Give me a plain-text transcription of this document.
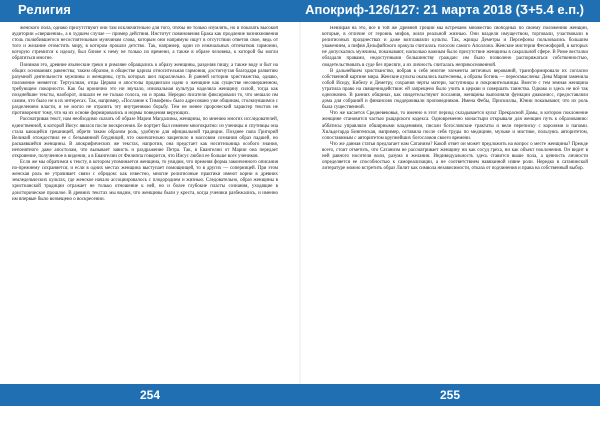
Религия	Апокриф-126/127: 21 марта 2018 (Ӡ+5.4 е.п.)

женского пола, однако присутствуют они там исключительно для того, чтобы не только изумлять, но и показать высокой аудитории «свершения», а в худшем случае — пример действия. Институт повиновения Брака как продление возникновения столь полюбившегося несостоятельным мужчинам слова, которым они напрямую ищут в отсутствии ответов свое, ведь от того и желание отомстить миру, в котором прошли детство. Так, например, один из изначальных отпечатков гармонии, которую стремится к идеалу, был ближе к нему не только по времени, а также в образе человека, к которой бы могли обратиться многие.

Понимая это, древние языческие греки и римляне обращались к образу женщины, разделяя пищу, а также воду и быт на общих основаниях равенства; таким образом, в обществе царила относительная гармония, достигнутая благодаря развитию разумной деятельности мужчины и женщины, путь которых шел параллельно. В ранней истории христианства, однако, положение меняется: Тертуллиан, отцы Церкви и апостолы продвигали идею о женщине как существе несовершенном, требующем покорности. Как бы иронично это ни звучало, изначальная культура наделяла женщину силой, тогда как позднейшие тексты, наоборот, лишали ее не только голоса, но и права. Нередко писатели фиксировали то, что мешало им самим, что было не в их интересах. Так, например, «Послание к Тимофею» было адресовано уже общинам, столкнувшимся с разделением власти, и не могло не отразить эту внутреннюю борьбу. Тем не менее пророческий характер текстов не противоречит тому, что на их основе формировались и нормы поведения верующих.

Рассматривая текст, нам необходимо сказать об образе Марии Магдалины, женщины, по мнению многих исследователей, единственной, к которой Иисус явился после воскресения. Ее портрет был изменен многократно: из ученицы и спутницы она стала кающейся грешницей, обретя таким образом роль, удобную для официальной традиции. Позднее папа Григорий Великий отождествил ее с безымянной блудницей, что окончательно закрепило в массовом сознании образ падшей, но раскаявшейся женщины. В апокрифических же текстах, напротив, она предстает как носительница особого знания, непонятного даже апостолам, что вызывает зависть и раздражение Петра. Так, в Евангелии от Марии она передает откровение, полученное в видении, а в Евангелии от Филиппа говорится, что Иисус любил ее больше всех учеников.

Если же мы обратимся к тексту, в котором упоминается женщина, то увидим, что прежняя форма законченного описания по-прежнему сохраняется; и если в одних местах женщина выступает помощницей, то в других — соперницей. При этом женская роль не утрачивает связи с обрядом: как известно, многие религиозные практики имеют корни в древних земледельческих культах, где женское начало ассоциировалось с плодородием и жизнью. Следовательно, образ женщины в христианской традиции отражает не только отношение к ней, но и более глубокие пласты сознания, уходящие в доисторическое прошлое. В древних текстах мы видим, что женщины были у креста, когда ученики разбежались, и именно им впервые было возвещено о воскресении.

Невзирая на это, всё в той же Древней Греции мы встречаем множество свободных по своему положению женщин, которые, в отличие от героинь мифов, жили реальной жизнью. Они владели имуществом, торговали, участвовали в религиозных празднествах и даже возглавляли культы. Так, жрицы Деметры и Персефоны пользовались большим уважением, а пифия Дельфийского оракула считалась голосом самого Аполлона. Женские мистерии Фесмофорий, в которых не допускались мужчины, показывают, насколько важным было присутствие женщины в сакральной сфере. В Риме весталки обладали правами, недоступными большинству граждан: им было позволено распоряжаться собственностью, свидетельствовать в суде без присяги, а их личность считалась неприкосновенной.

В дальнейшем христианство, вобрав в себя многие элементы античных верований, трансформировало их согласно собственной картине мира. Женские культы оказались вытеснены, а образы богинь — переосмыслены: Дева Мария заменила собой Исиду, Кибелу и Деметру, сохранив черты матери, заступницы и покровительницы. Вместе с тем земная женщина утратила право на священнодействие: ей запрещено было учить в церкви и совершать таинства. Однако и здесь не всё так однозначно. В ранних общинах, как свидетельствуют послания, женщины выполняли функции диаконисс, предоставляли дома для собраний и финансово поддерживали проповедников. Имена Фебы, Прискиллы, Юнии показывают, что их роль была существенной.

Что же касается Средневековья, то именно в этот период складывается культ Прекрасной Дамы, в котором поклонение женщине становится частью рыцарского кодекса. Одновременно монастыри открывали для женщин путь к образованию: аббатисы управляли обширными владениями, писали богословские трактаты и вели переписку с королями и папами. Хильдегарда Бингенская, например, оставила после себя труды по медицине, музыке и мистике, пользуясь авторитетом, сопоставимым с авторитетом крупнейших богословов своего времени.

Что же данная статья предлагает нам Сатанизм? Какой ответ он может предложить на вопрос о месте женщины? Прежде всего, стоит отметить, что Сатанизм не рассматривает женщину ни как сосуд греха, ни как объект поклонения. Он видит в ней равного носителя воли, разума и желания. Индивидуальность здесь ставится выше пола, а ценность личности определяется ее способностью к самореализации, а не соответствием навязанной извне роли. Нередко в сатанинской литературе можно встретить образ Лилит как символа независимости, отказа от подчинения и права на собственный выбор.

254	255
